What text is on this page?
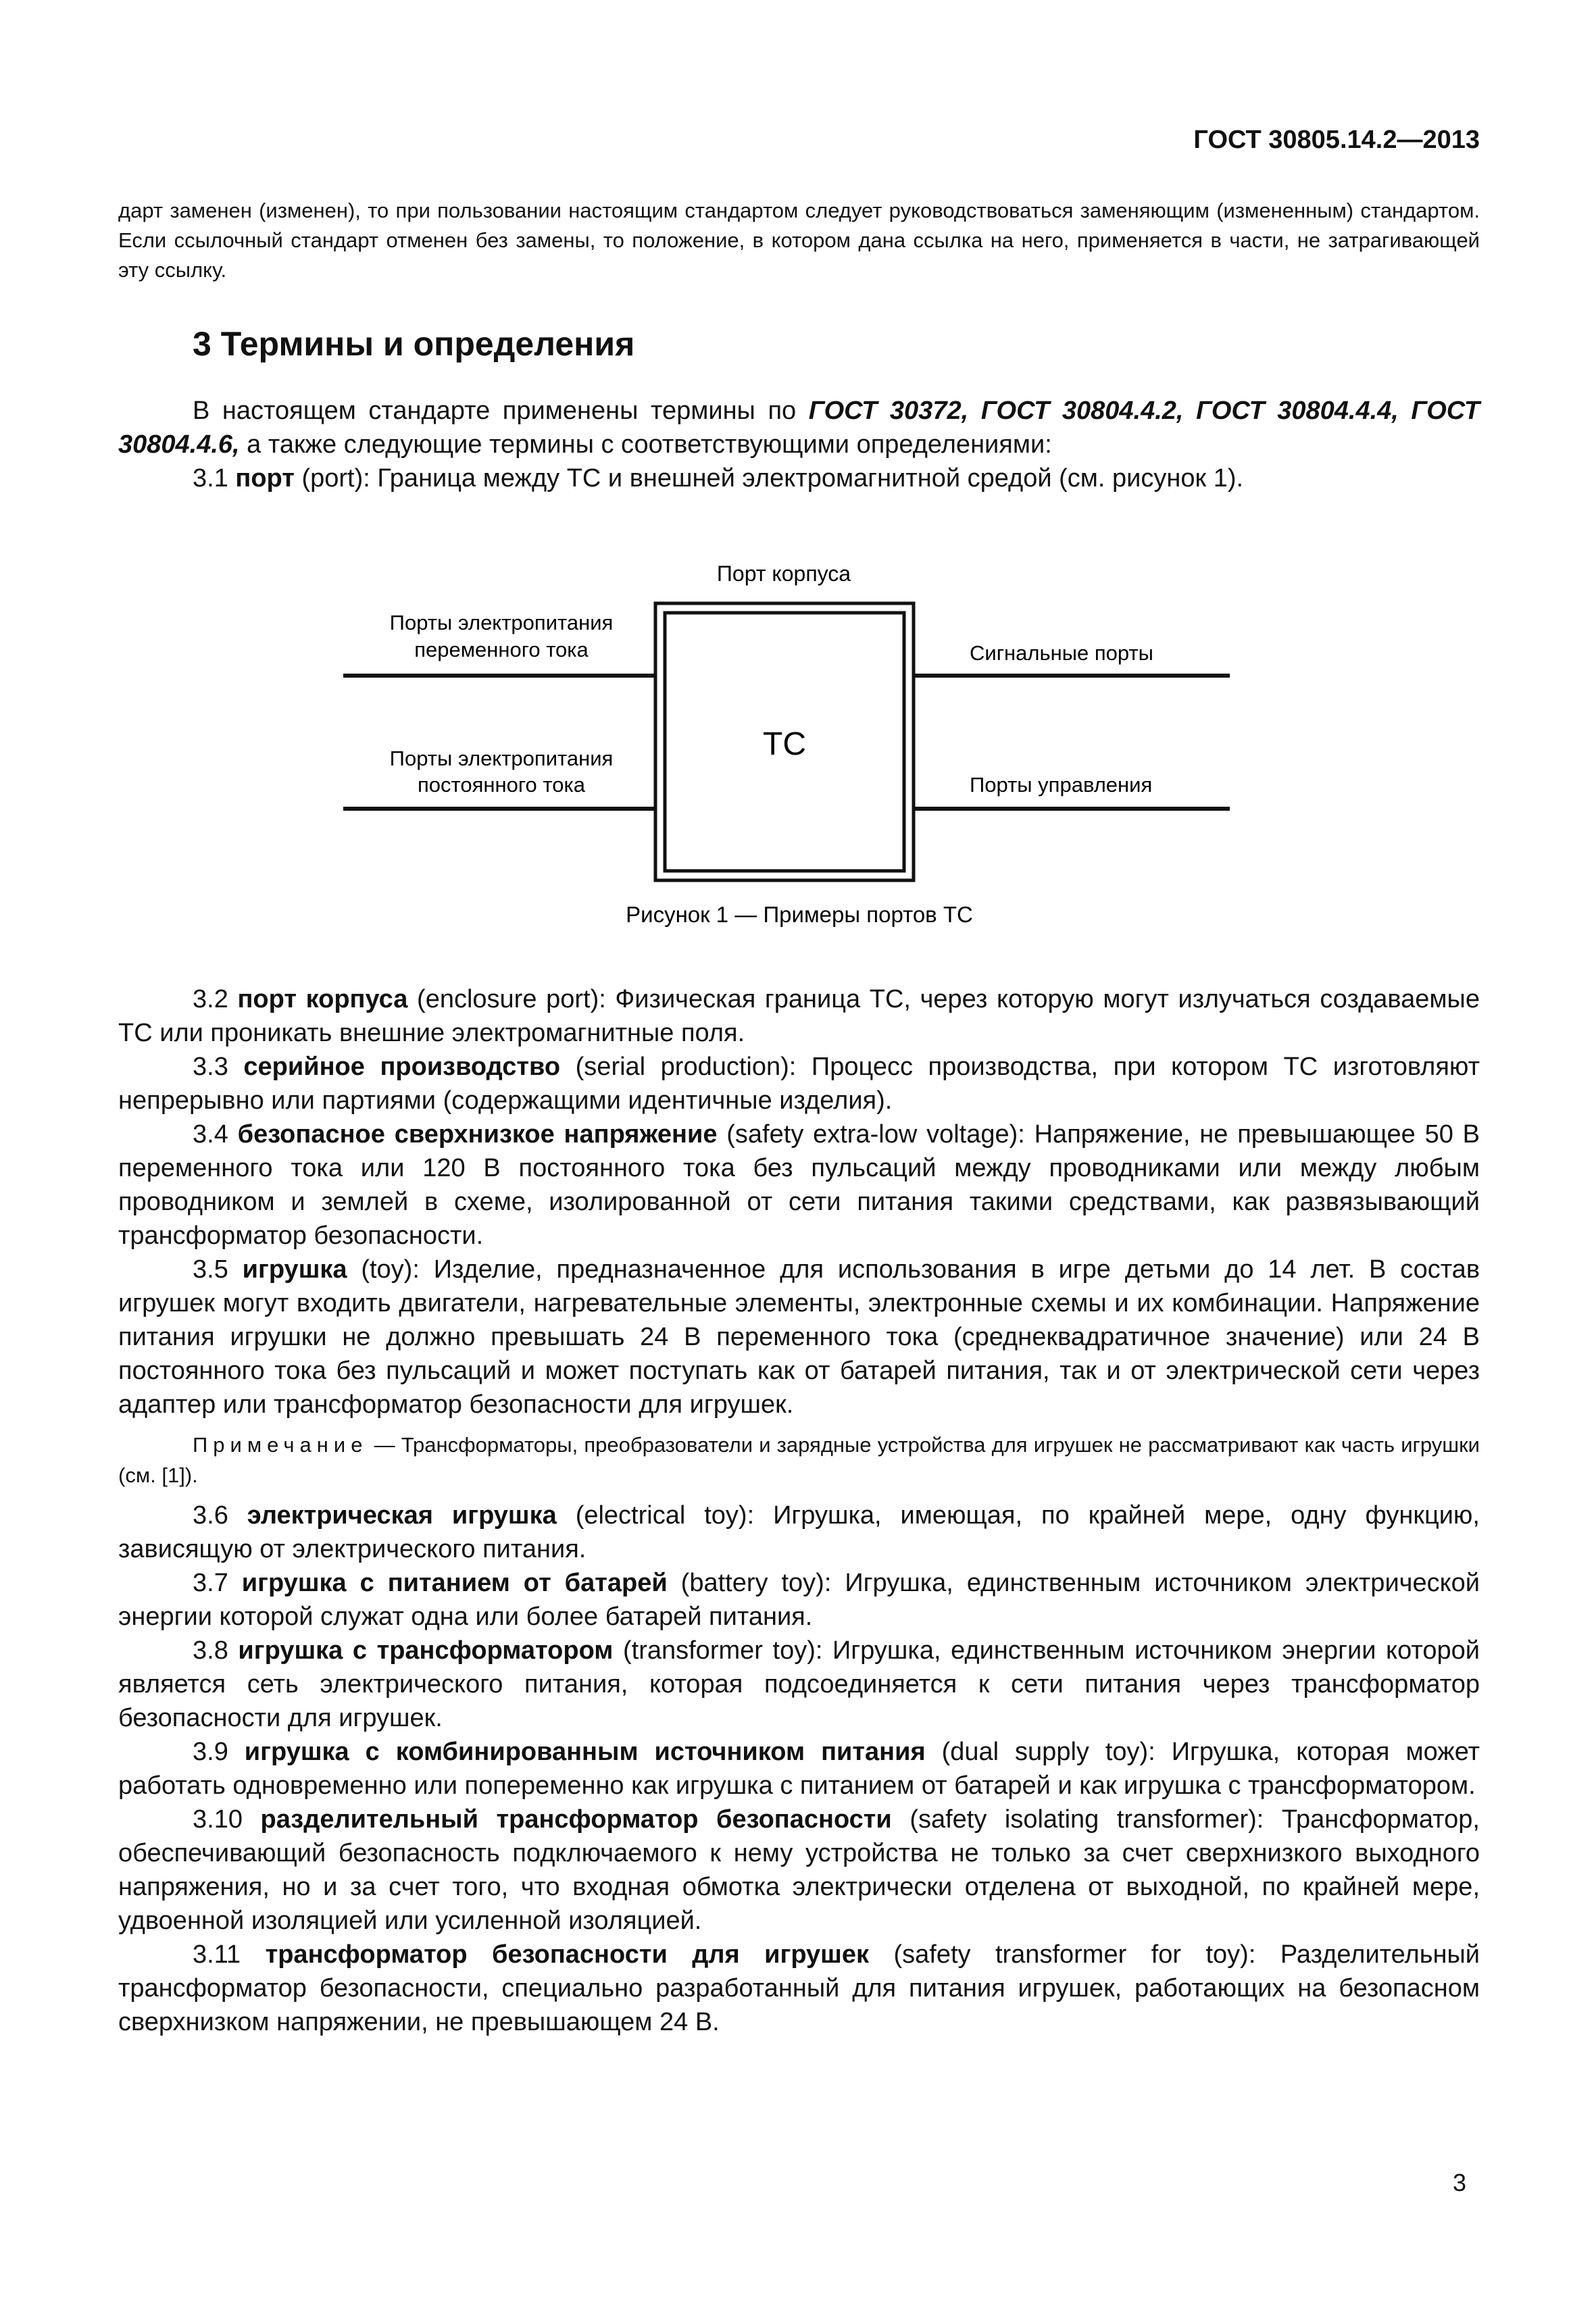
ГОСТ 30805.14.2—2013
дарт заменен (изменен), то при пользовании настоящим стандартом следует руководствоваться заменяющим (измененным) стандартом. Если ссылочный стандарт отменен без замены, то положение, в котором дана ссылка на него, применяется в части, не затрагивающей эту ссылку.
3 Термины и определения

В настоящем стандарте применены термины по ГОСТ 30372, ГОСТ 30804.4.2, ГОСТ 30804.4.4, ГОСТ 30804.4.6, а также следующие термины с соответствующими определениями:

3.1 порт (port): Граница между ТС и внешней электромагнитной средой (см. рисунок 1).

Порт корпуса
ТС
Порты электропитания
переменного тока
Порты электропитания
постоянного тока
Сигнальные порты
Порты управления
Рисунок 1 — Примеры портов ТС

3.2 порт корпуса (enclosure port): Физическая граница ТС, через которую могут излучаться создаваемые ТС или проникать внешние электромагнитные поля.

3.3 серийное производство (serial production): Процесс производства, при котором ТС изготовляют непрерывно или партиями (содержащими идентичные изделия).

3.4 безопасное сверхнизкое напряжение (safety extra-low voltage): Напряжение, не превышающее 50 В переменного тока или 120 В постоянного тока без пульсаций между проводниками или между любым проводником и землей в схеме, изолированной от сети питания такими средствами, как развязывающий трансформатор безопасности.

3.5 игрушка (toy): Изделие, предназначенное для использования в игре детьми до 14 лет. В состав игрушек могут входить двигатели, нагревательные элементы, электронные схемы и их комбинации. Напряжение питания игрушки не должно превышать 24 В переменного тока (среднеквадратичное значение) или 24 В постоянного тока без пульсаций и может поступать как от батарей питания, так и от электрической сети через адаптер или трансформатор безопасности для игрушек.

Примечание — Трансформаторы, преобразователи и зарядные устройства для игрушек не рассматривают как часть игрушки (см. [1]).

3.6 электрическая игрушка (electrical toy): Игрушка, имеющая, по крайней мере, одну функцию, зависящую от электрического питания.

3.7 игрушка с питанием от батарей (battery toy): Игрушка, единственным источником электрической энергии которой служат одна или более батарей питания.

3.8 игрушка с трансформатором (transformer toy): Игрушка, единственным источником энергии которой является сеть электрического питания, которая подсоединяется к сети питания через трансформатор безопасности для игрушек.

3.9 игрушка с комбинированным источником питания (dual supply toy): Игрушка, которая может работать одновременно или попеременно как игрушка с питанием от батарей и как игрушка с трансформатором.

3.10 разделительный трансформатор безопасности (safety isolating transformer): Трансформатор, обеспечивающий безопасность подключаемого к нему устройства не только за счет сверхнизкого выходного напряжения, но и за счет того, что входная обмотка электрически отделена от выходной, по крайней мере, удвоенной изоляцией или усиленной изоляцией.

3.11 трансформатор безопасности для игрушек (safety transformer for toy): Разделительный трансформатор безопасности, специально разработанный для питания игрушек, работающих на безопасном сверхнизком напряжении, не превышающем 24 В.

3
